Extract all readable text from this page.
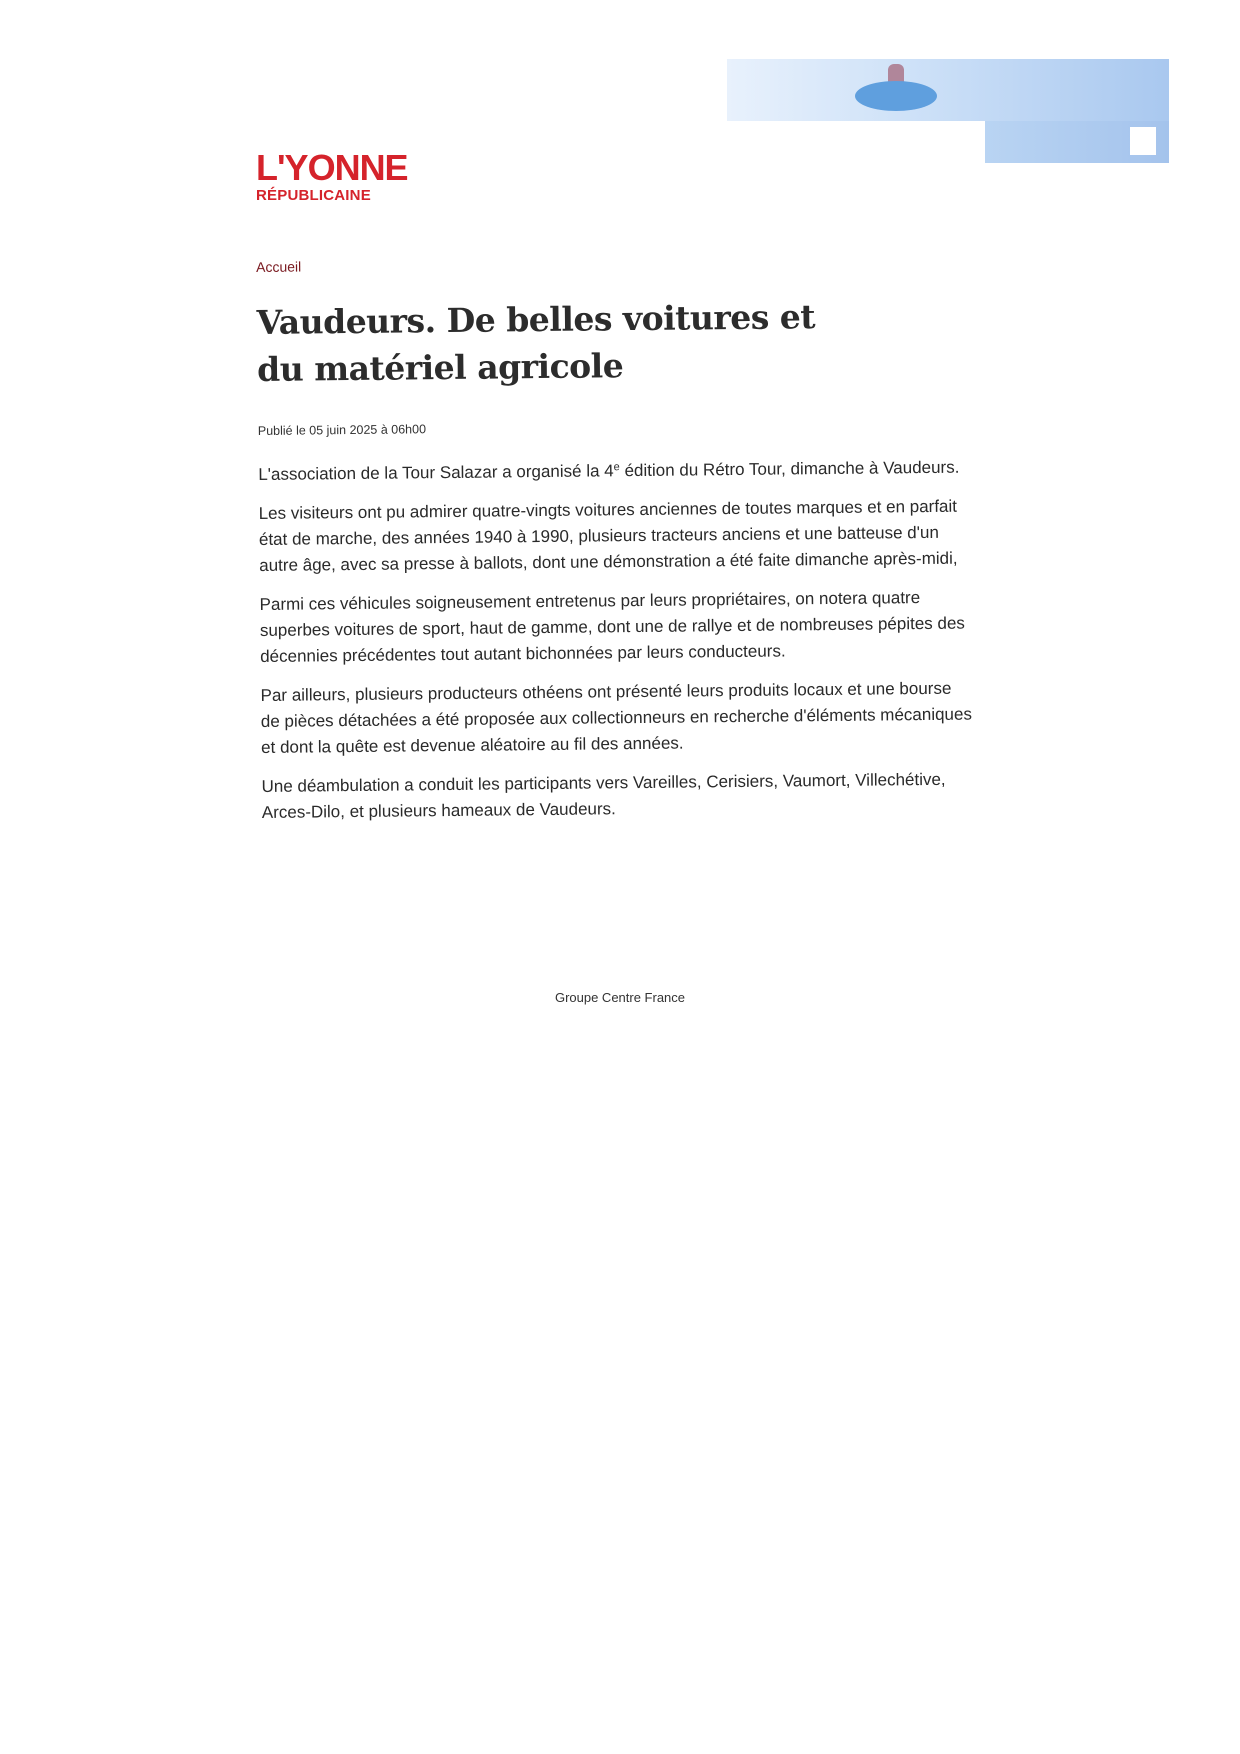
L'YONNE
RÉPUBLICAINE
Accueil
Vaudeurs. De belles voitures et du matériel agricole
Publié le 05 juin 2025 à 06h00

L'association de la Tour Salazar a organisé la 4e édition du Rétro Tour, dimanche à Vaudeurs.

Les visiteurs ont pu admirer quatre-vingts voitures anciennes de toutes marques et en parfait état de marche, des années 1940 à 1990, plusieurs tracteurs anciens et une batteuse d'un autre âge, avec sa presse à ballots, dont une démonstration a été faite dimanche après-midi,

Parmi ces véhicules soigneusement entretenus par leurs propriétaires, on notera quatre superbes voitures de sport, haut de gamme, dont une de rallye et de nombreuses pépites des décennies précédentes tout autant bichonnées par leurs conducteurs.

Par ailleurs, plusieurs producteurs othéens ont présenté leurs produits locaux et une bourse de pièces détachées a été proposée aux collectionneurs en recherche d'éléments mécaniques et dont la quête est devenue aléatoire au fil des années.

Une déambulation a conduit les participants vers Vareilles, Cerisiers, Vaumort, Villechétive, Arces-Dilo, et plusieurs hameaux de Vaudeurs.

Groupe Centre France
